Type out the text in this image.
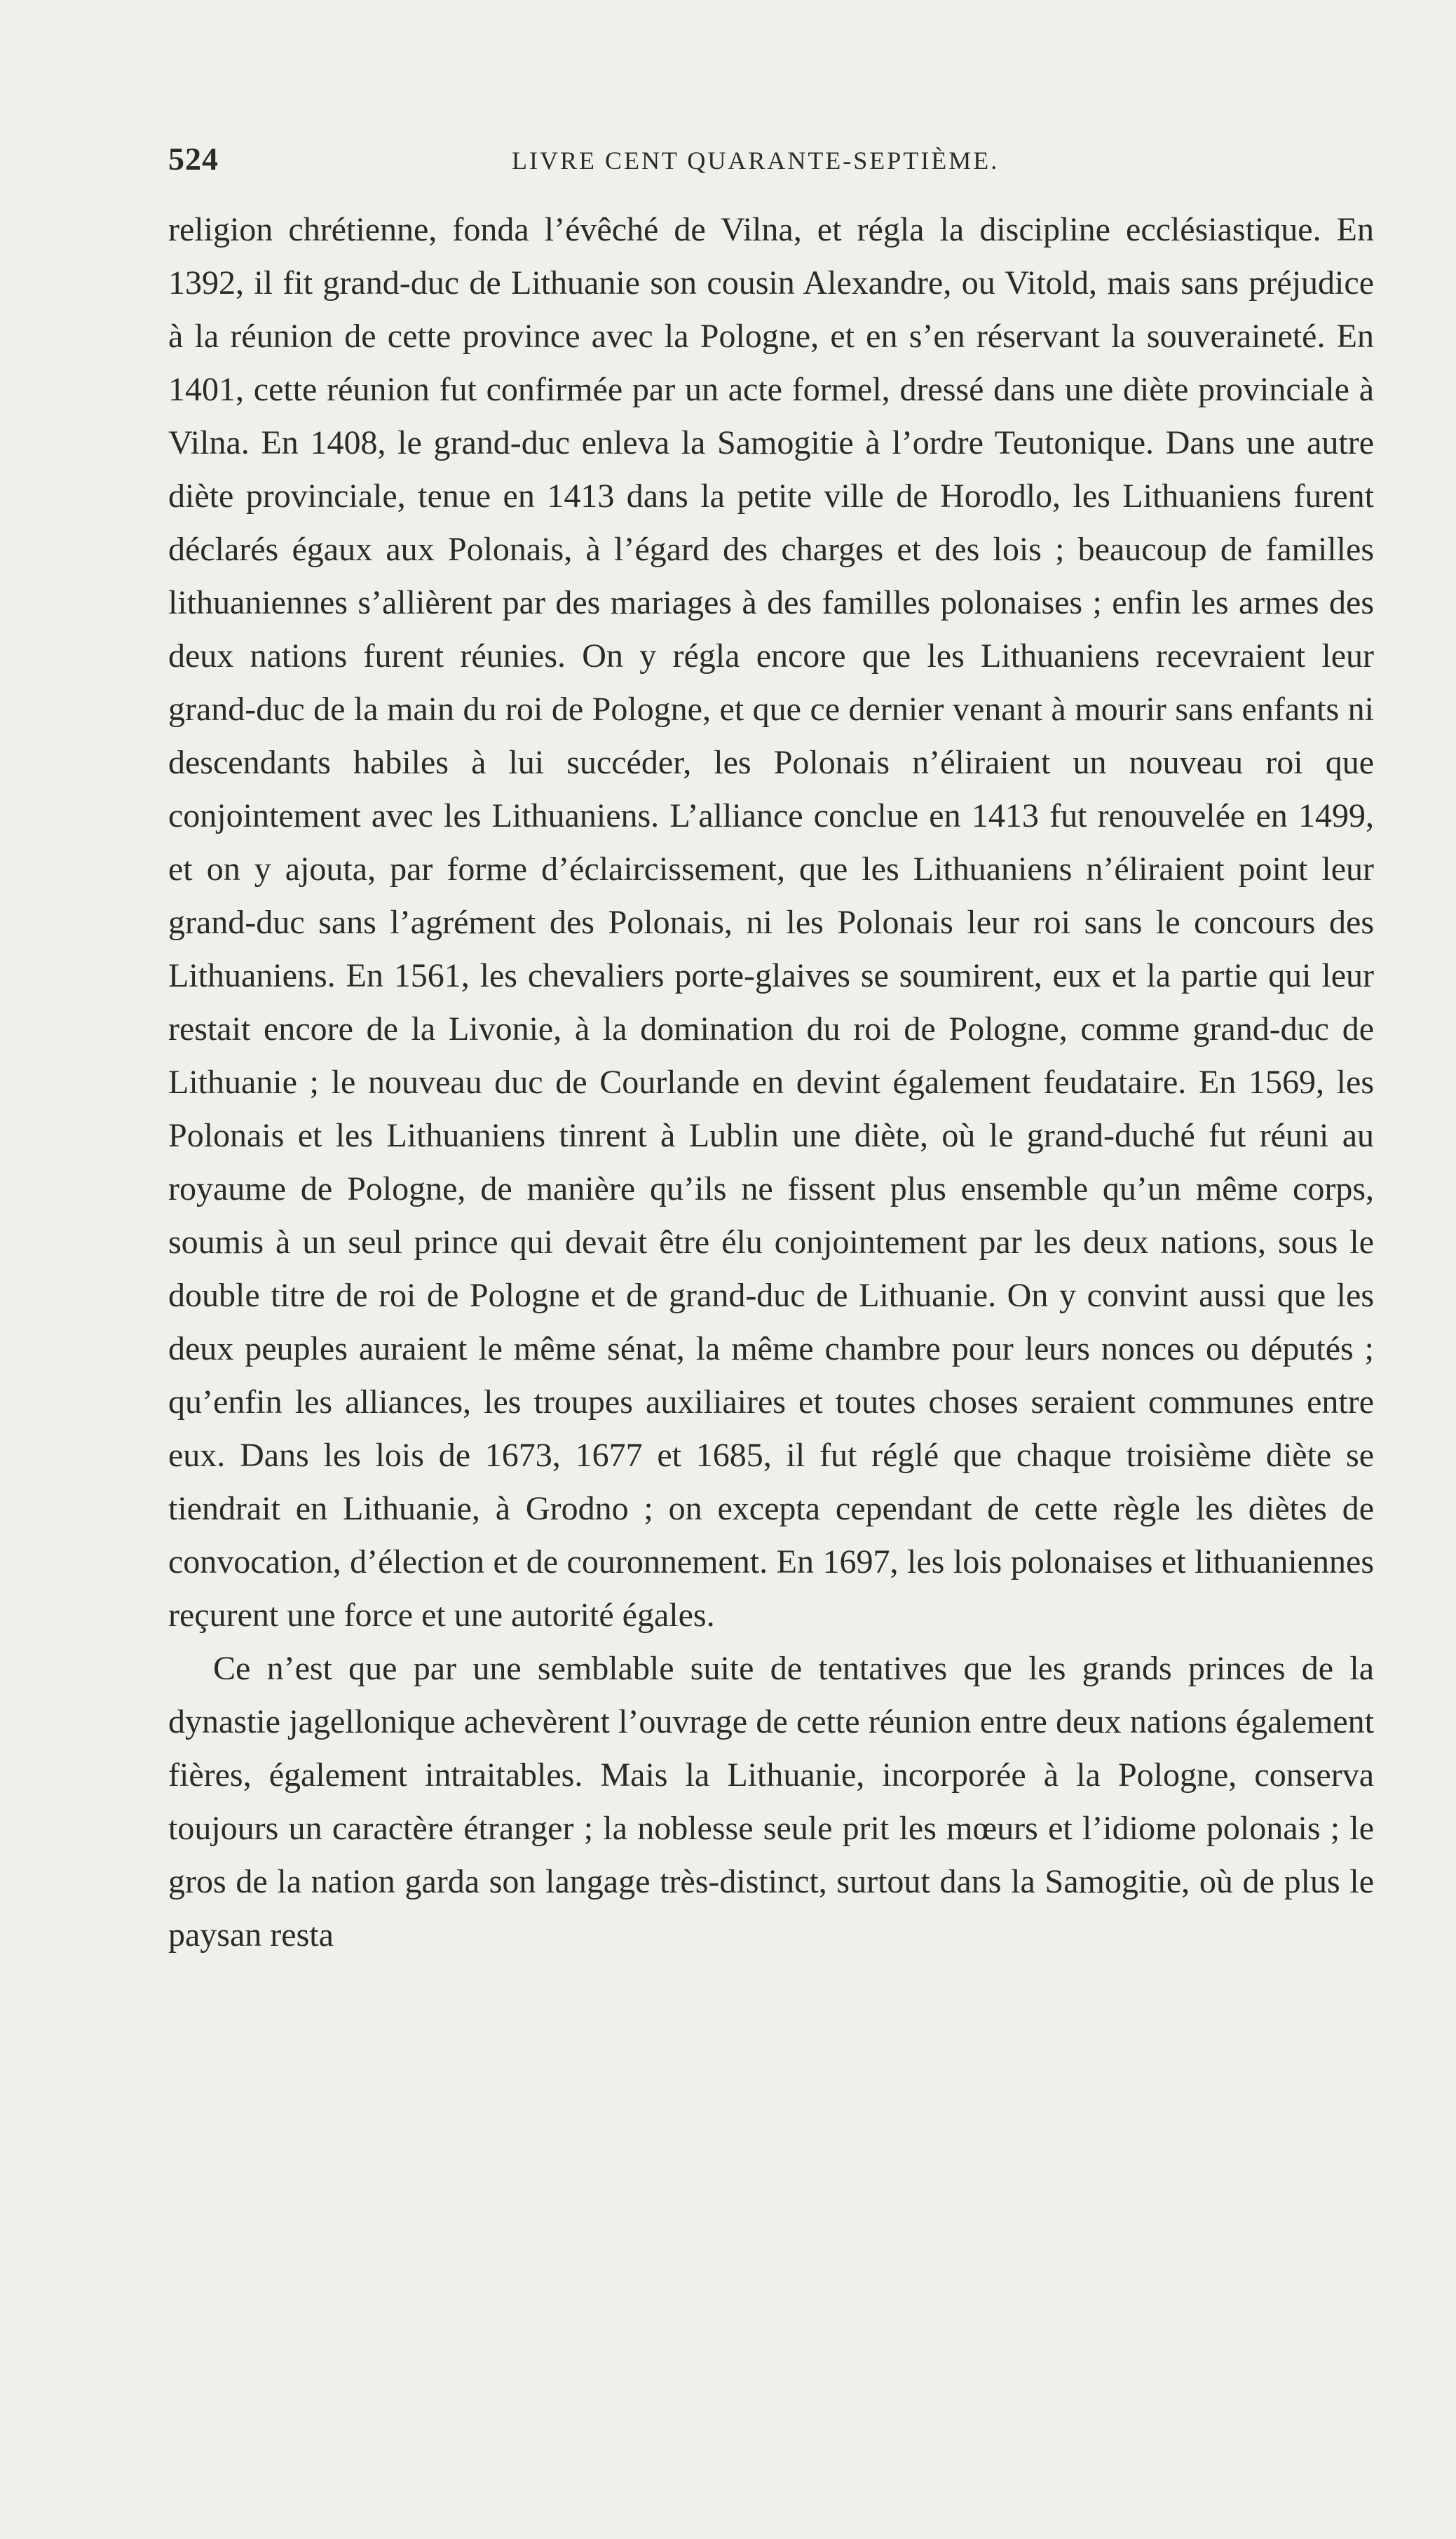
524	LIVRE CENT QUARANTE-SEPTIÈME.

religion chrétienne, fonda l’évêché de Vilna, et régla la discipline ecclésiastique. En 1392, il fit grand-duc de Lithuanie son cousin Alexandre, ou Vitold, mais sans préjudice à la réunion de cette province avec la Pologne, et en s’en réservant la souveraineté. En 1401, cette réunion fut confirmée par un acte formel, dressé dans une diète provinciale à Vilna. En 1408, le grand-duc enleva la Samogitie à l’ordre Teutonique. Dans une autre diète provinciale, tenue en 1413 dans la petite ville de Horodlo, les Lithuaniens furent déclarés égaux aux Polonais, à l’égard des charges et des lois ; beaucoup de familles lithuaniennes s’allièrent par des mariages à des familles polonaises ; enfin les armes des deux nations furent réunies. On y régla encore que les Lithuaniens recevraient leur grand-duc de la main du roi de Pologne, et que ce dernier venant à mourir sans enfants ni descendants habiles à lui succéder, les Polonais n’éliraient un nouveau roi que conjointement avec les Lithuaniens. L’alliance conclue en 1413 fut renouvelée en 1499, et on y ajouta, par forme d’éclaircissement, que les Lithuaniens n’éliraient point leur grand-duc sans l’agrément des Polonais, ni les Polonais leur roi sans le concours des Lithuaniens. En 1561, les chevaliers porte-glaives se soumirent, eux et la partie qui leur restait encore de la Livonie, à la domination du roi de Pologne, comme grand-duc de Lithuanie ; le nouveau duc de Courlande en devint également feudataire. En 1569, les Polonais et les Lithuaniens tinrent à Lublin une diète, où le grand-duché fut réuni au royaume de Pologne, de manière qu’ils ne fissent plus ensemble qu’un même corps, soumis à un seul prince qui devait être élu conjointement par les deux nations, sous le double titre de roi de Pologne et de grand-duc de Lithuanie. On y convint aussi que les deux peuples auraient le même sénat, la même chambre pour leurs nonces ou députés ; qu’enfin les alliances, les troupes auxiliaires et toutes choses seraient communes entre eux. Dans les lois de 1673, 1677 et 1685, il fut réglé que chaque troisième diète se tiendrait en Lithuanie, à Grodno ; on excepta cependant de cette règle les diètes de convocation, d’élection et de couronnement. En 1697, les lois polonaises et lithuaniennes reçurent une force et une autorité égales.

Ce n’est que par une semblable suite de tentatives que les grands princes de la dynastie jagellonique achevèrent l’ouvrage de cette réunion entre deux nations également fières, également intraitables. Mais la Lithuanie, incorporée à la Pologne, conserva toujours un caractère étranger ; la noblesse seule prit les mœurs et l’idiome polonais ; le gros de la nation garda son langage très-distinct, surtout dans la Samogitie, où de plus le paysan resta
